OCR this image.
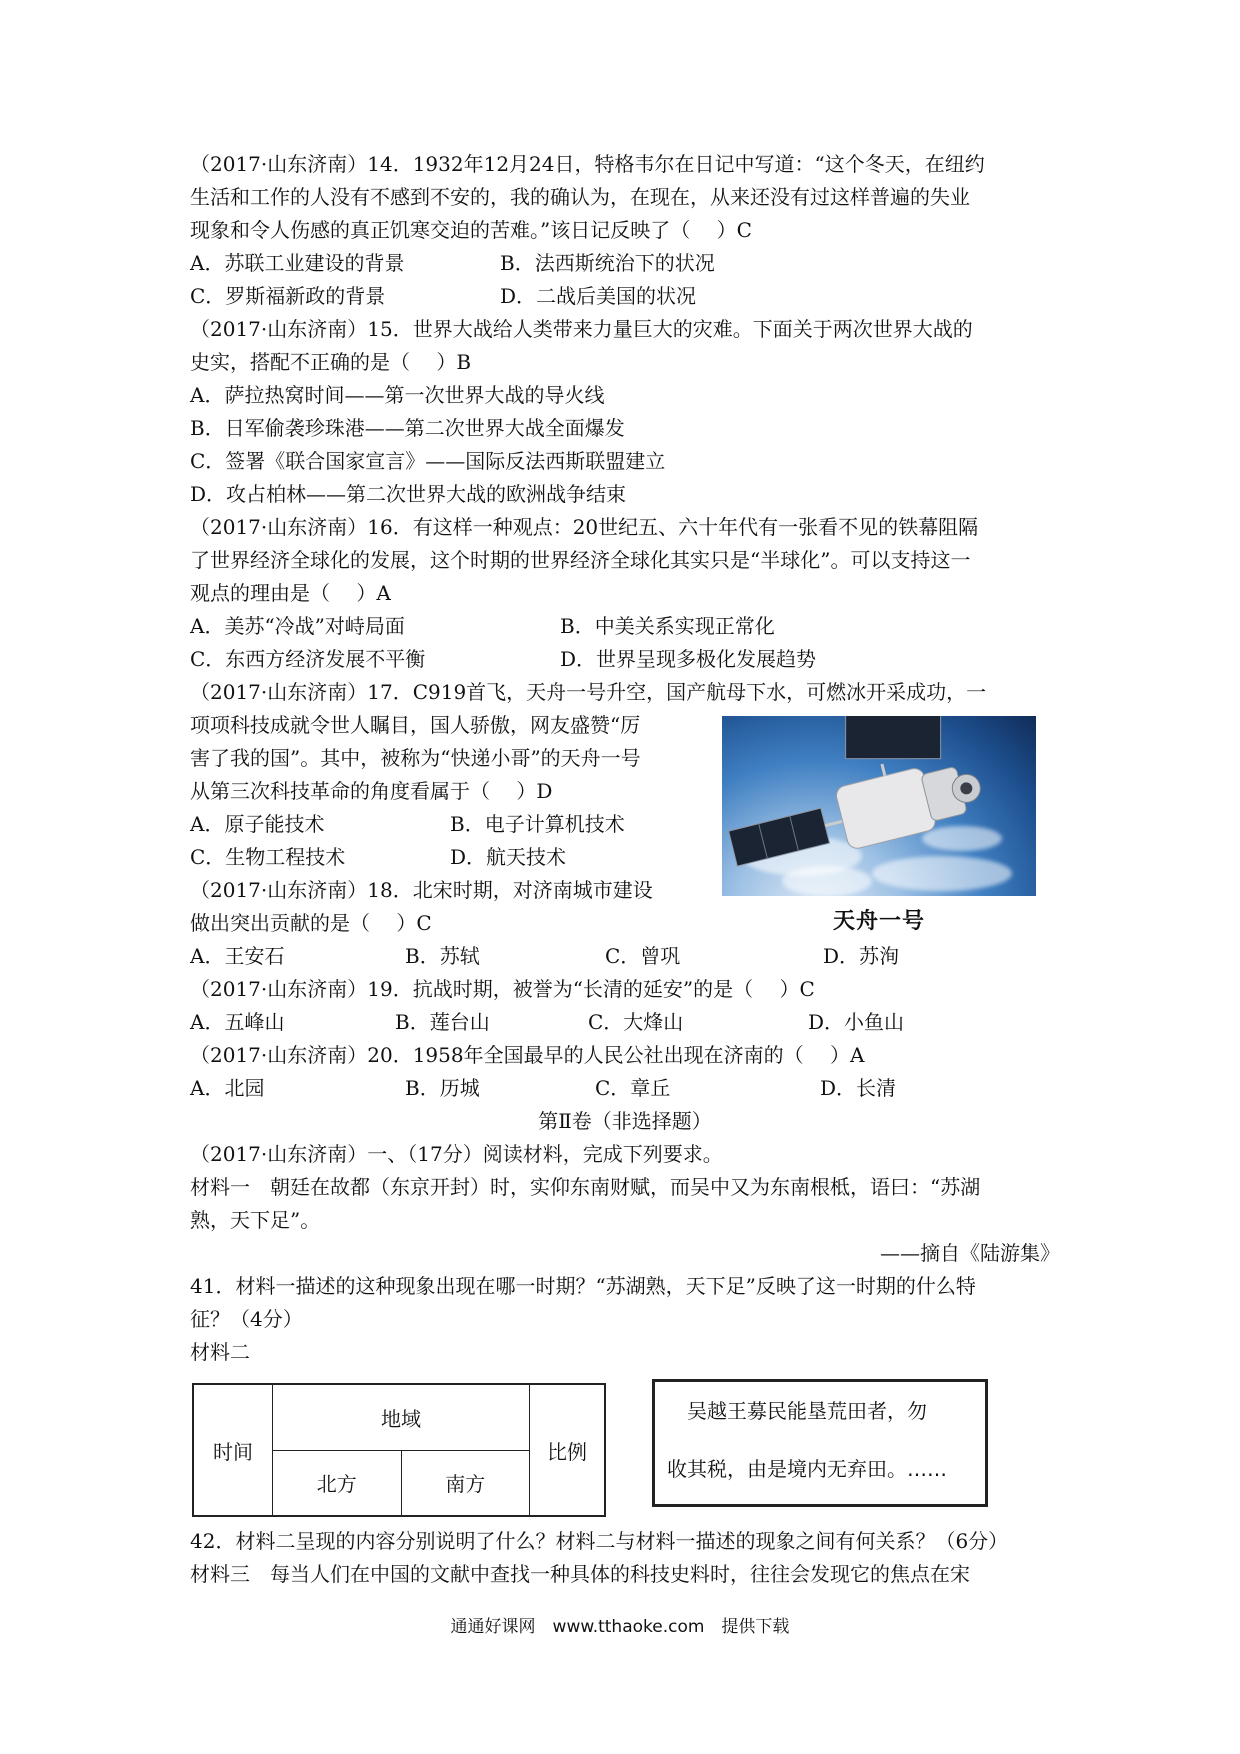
（2017·山东济南）14．1932年12月24日，特格韦尔在日记中写道：“这个冬天，在纽约
生活和工作的人没有不感到不安的，我的确认为，在现在，从来还没有过这样普遍的失业
现象和令人伤感的真正饥寒交迫的苦难。”该日记反映了（　 ）C
A．苏联工业建设的背景	B．法西斯统治下的状况
C．罗斯福新政的背景	D．二战后美国的状况
（2017·山东济南）15．世界大战给人类带来力量巨大的灾难。下面关于两次世界大战的
史实，搭配不正确的是（　 ）B
A．萨拉热窝时间——第一次世界大战的导火线
B．日军偷袭珍珠港——第二次世界大战全面爆发
C．签署《联合国家宣言》——国际反法西斯联盟建立
D．攻占柏林——第二次世界大战的欧洲战争结束
（2017·山东济南）16．有这样一种观点：20世纪五、六十年代有一张看不见的铁幕阻隔
了世界经济全球化的发展，这个时期的世界经济全球化其实只是“半球化”。可以支持这一
观点的理由是（　 ）A
A．美苏“冷战”对峙局面	B．中美关系实现正常化
C．东西方经济发展不平衡	D．世界呈现多极化发展趋势
（2017·山东济南）17．C919首飞，天舟一号升空，国产航母下水，可燃冰开采成功，一
项项科技成就令世人瞩目，国人骄傲，网友盛赞“厉
害了我的国”。其中，被称为“快递小哥”的天舟一号
从第三次科技革命的角度看属于（　 ）D
A．原子能技术	B．电子计算机技术
C．生物工程技术	D．航天技术
（2017·山东济南）18．北宋时期，对济南城市建设
做出突出贡献的是（　 ）C	天舟一号
A．王安石	B．苏轼	C．曾巩	D．苏洵
（2017·山东济南）19．抗战时期，被誉为“长清的延安”的是（　 ）C
A．五峰山	B．莲台山	C．大烽山	D．小鱼山
（2017·山东济南）20．1958年全国最早的人民公社出现在济南的（　 ）A
A．北园	B．历城	C．章丘	D．长清
第Ⅱ卷（非选择题）
（2017·山东济南）一、（17分）阅读材料，完成下列要求。
材料一　朝廷在故都（东京开封）时，实仰东南财赋，而吴中又为东南根柢，语曰：“苏湖
熟，天下足”。
——摘自《陆游集》
41．材料一描述的这种现象出现在哪一时期？“苏湖熟，天下足”反映了这一时期的什么特
征？（4分）
材料二
时间	地域		比例
	北方	南方	
吴越王募民能垦荒田者，勿
收其税，由是境内无弃田。……
42．材料二呈现的内容分别说明了什么？材料二与材料一描述的现象之间有何关系？（6分）
材料三　每当人们在中国的文献中查找一种具体的科技史料时，往往会发现它的焦点在宋
通通好课网　www.tthaoke.com　提供下载
